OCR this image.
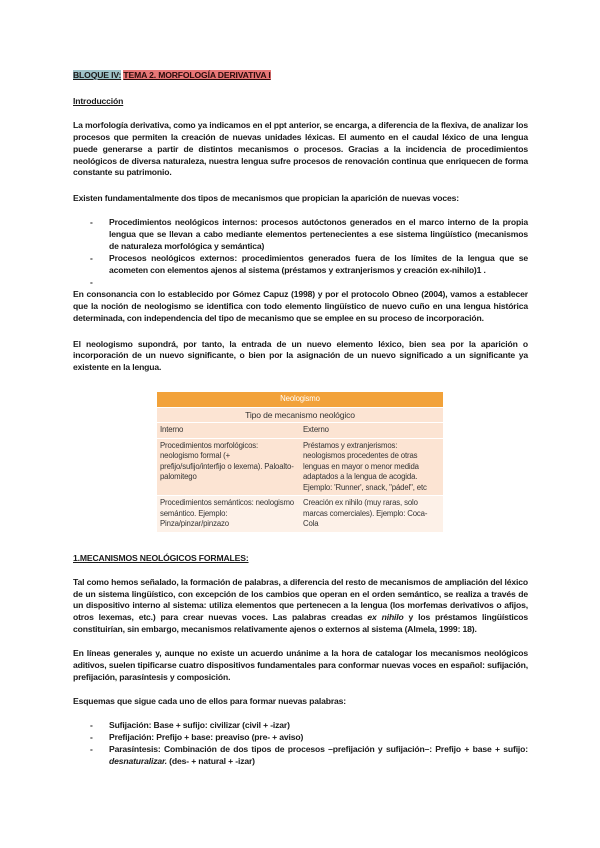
BLOQUE IV: TEMA 2. MORFOLOGÍA DERIVATIVA I

Introducción

La morfología derivativa, como ya indicamos en el ppt anterior, se encarga, a diferencia de la flexiva, de analizar los procesos que permiten la creación de nuevas unidades léxicas. El aumento en el caudal léxico de una lengua puede generarse a partir de distintos mecanismos o procesos. Gracias a la incidencia de procedimientos neológicos de diversa naturaleza, nuestra lengua sufre procesos de renovación continua que enriquecen de forma constante su patrimonio.

Existen fundamentalmente dos tipos de mecanismos que propician la aparición de nuevas voces:

- Procedimientos neológicos internos: procesos autóctonos generados en el marco interno de la propia lengua que se llevan a cabo mediante elementos pertenecientes a ese sistema lingüístico (mecanismos de naturaleza morfológica y semántica)
- Procesos neológicos externos: procedimientos generados fuera de los límites de la lengua que se acometen con elementos ajenos al sistema (préstamos y extranjerismos y creación ex-nihilo)1 .
-

En consonancia con lo establecido por Gómez Capuz (1998) y por el protocolo Obneo (2004), vamos a establecer que la noción de neologismo se identifica con todo elemento lingüístico de nuevo cuño en una lengua histórica determinada, con independencia del tipo de mecanismo que se emplee en su proceso de incorporación.

El neologismo supondrá, por tanto, la entrada de un nuevo elemento léxico, bien sea por la aparición o incorporación de un nuevo significante, o bien por la asignación de un nuevo significado a un significante ya existente en la lengua.

Neologismo	
Tipo de mecanismo neológico	
Interno	Externo
Procedimientos morfológicos: neologismo formal (+ prefijo/sufijo/interfijo o lexema). Paloalto-palomitego	Préstamos y extranjerismos: neologismos procedentes de otras lenguas en mayor o menor medida adaptados a la lengua de acogida. Ejemplo: 'Runner', snack, "pádel", etc
Procedimientos semánticos: neologismo semántico. Ejemplo: Pinza/pinzar/pinzazo	Creación ex nihilo (muy raras, solo marcas comerciales). Ejemplo: Coca-Cola

1.MECANISMOS NEOLÓGICOS FORMALES:

Tal como hemos señalado, la formación de palabras, a diferencia del resto de mecanismos de ampliación del léxico de un sistema lingüístico, con excepción de los cambios que operan en el orden semántico, se realiza a través de un dispositivo interno al sistema: utiliza elementos que pertenecen a la lengua (los morfemas derivativos o afijos, otros lexemas, etc.) para crear nuevas voces. Las palabras creadas ex nihilo y los préstamos lingüísticos constituirían, sin embargo, mecanismos relativamente ajenos o externos al sistema (Almela, 1999: 18).

En líneas generales y, aunque no existe un acuerdo unánime a la hora de catalogar los mecanismos neológicos aditivos, suelen tipificarse cuatro dispositivos fundamentales para conformar nuevas voces en español: sufijación, prefijación, parasíntesis y composición.

Esquemas que sigue cada uno de ellos para formar nuevas palabras:

- Sufijación: Base + sufijo: civilizar (civil + -izar)
- Prefijación: Prefijo + base: preaviso (pre- + aviso)
- Parasíntesis: Combinación de dos tipos de procesos –prefijación y sufijación–: Prefijo + base + sufijo: desnaturalizar. (des- + natural + -izar)
